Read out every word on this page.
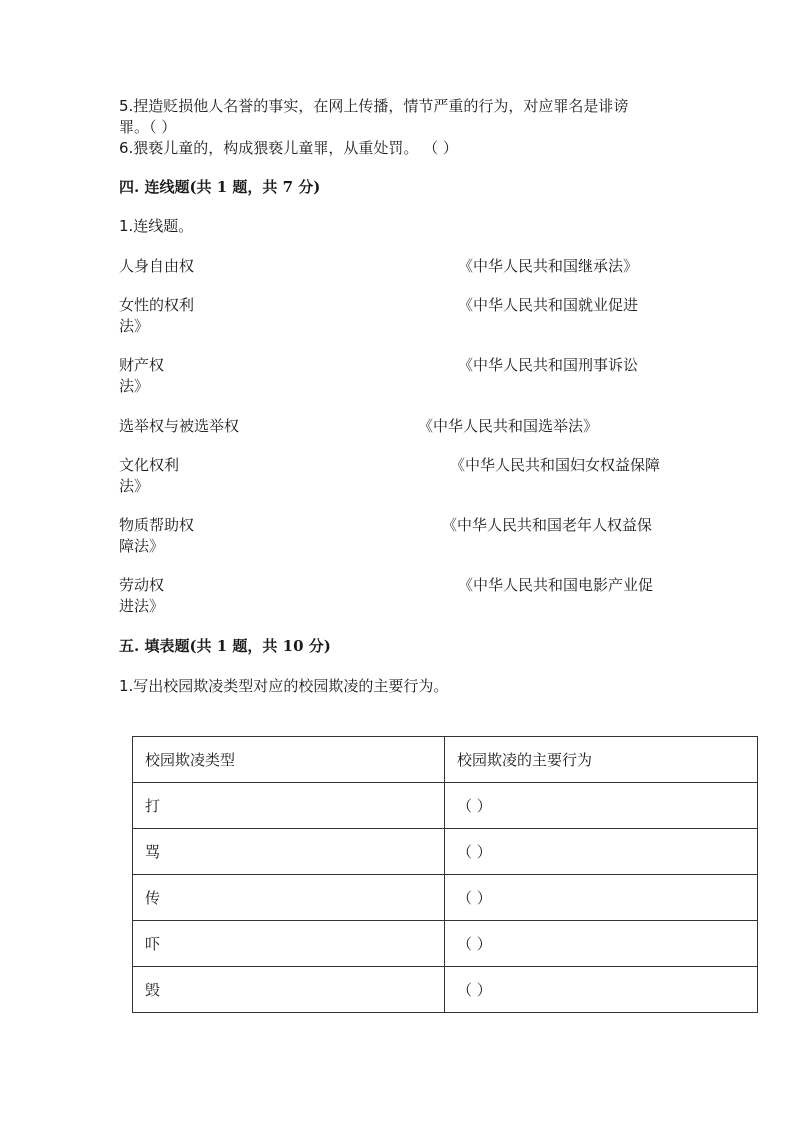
5.捏造贬损他人名誉的事实，在网上传播，情节严重的行为，对应罪名是诽谤
罪。（ ）
6.猥亵儿童的，构成猥亵儿童罪，从重处罚。 （ ）
四. 连线题(共 1 题，共 7 分)
1.连线题。
人身自由权	《中华人民共和国继承法》
女性的权利	《中华人民共和国就业促进
法》
财产权	《中华人民共和国刑事诉讼
法》
选举权与被选举权	《中华人民共和国选举法》
文化权利	《中华人民共和国妇女权益保障
法》
物质帮助权	《中华人民共和国老年人权益保
障法》
劳动权	《中华人民共和国电影产业促
进法》
五. 填表题(共 1 题，共 10 分)
1.写出校园欺凌类型对应的校园欺凌的主要行为。
校园欺凌类型	校园欺凌的主要行为
打	（ ）
骂	（ ）
传	（ ）
吓	（ ）
毁	（ ）
